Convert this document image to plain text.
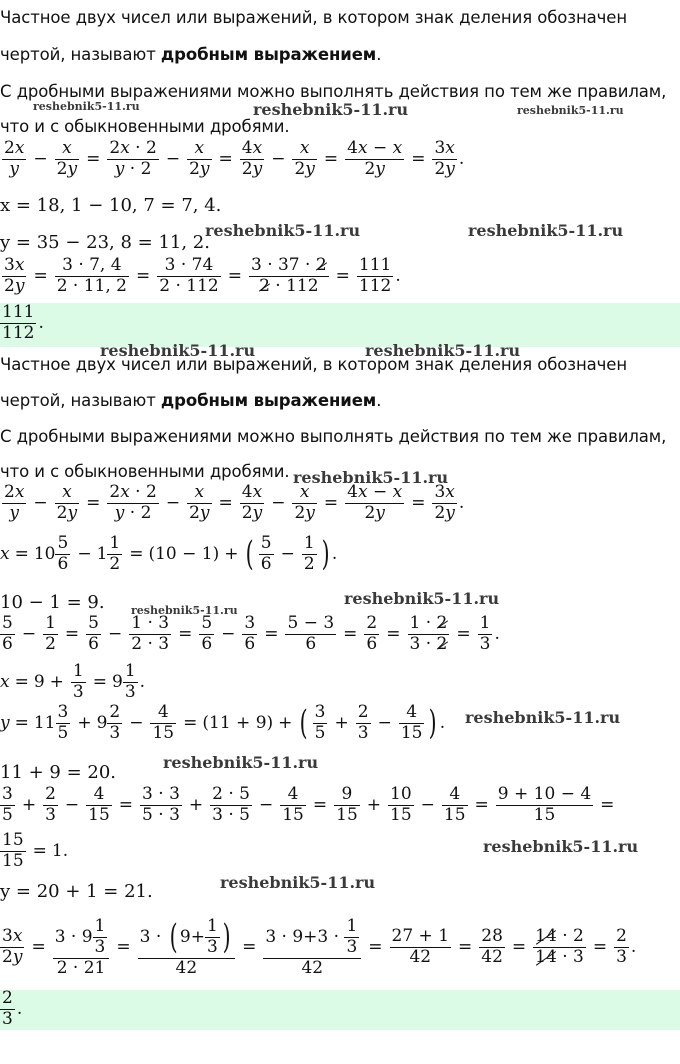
Частное двух чисел или выражений, в котором знак деления обозначен
чертой, называют дробным выражением.
С дробными выражениями можно выполнять действия по тем же правилам,
что и с обыкновенными дробями.
$\frac{2x}{y} - \frac{x}{2y} = \frac{2x \cdot 2}{y \cdot 2} - \frac{x}{2y} = \frac{4x}{2y} - \frac{x}{2y} = \frac{4x - x}{2y} = \frac{3x}{2y}$ .
x = 18, 1 − 10, 7 = 7, 4.
y = 35 − 23, 8 = 11, 2.
$\frac{3x}{2y} = \frac{3 \cdot 7, 4}{2 \cdot 11, 2} = \frac{3 \cdot 74}{2 \cdot 112} = \frac{3 \cdot 37 \cdot 2}{2 \cdot 112} = \frac{111}{112}$ .
$\frac{111}{112}$ .
Частное двух чисел или выражений, в котором знак деления обозначен
чертой, называют дробным выражением.
С дробными выражениями можно выполнять действия по тем же правилам,
что и с обыкновенными дробями.
$\frac{2x}{y} - \frac{x}{2y} = \frac{2x \cdot 2}{y \cdot 2} - \frac{x}{2y} = \frac{4x}{2y} - \frac{x}{2y} = \frac{4x - x}{2y} = \frac{3x}{2y}$ .
$x = 10 \frac{5}{6} - 1 \frac{1}{2} = (10 - 1)$ + ( $\frac{5}{6} - \frac{1}{2}$ ) .
10 − 1 = 9.
$\frac{5}{6} - \frac{1}{2} = \frac{5}{6} - \frac{1 \cdot 3}{2 \cdot 3} = \frac{5}{6} - \frac{3}{6} = \frac{5 - 3}{6} = \frac{2}{6} = \frac{1 \cdot 2}{3 \cdot 2} = \frac{1}{3}$ .
$x = 9 + \frac{1}{3} = 9 \frac{1}{3}$ .
$y = 11 \frac{3}{5} + 9 \frac{2}{3} - \frac{4}{15} = (11 + 9)$ + ( $\frac{3}{5} + \frac{2}{3} - \frac{4}{15}$ ) .
11 + 9 = 20.
$\frac{3}{5} + \frac{2}{3} - \frac{4}{15} = \frac{3 \cdot 3}{5 \cdot 3} + \frac{2 \cdot 5}{3 \cdot 5} - \frac{4}{15} = \frac{9}{15} + \frac{10}{15} - \frac{4}{15} = \frac{9 + 10 - 4}{15}$ =
$\frac{15}{15} = 1$.
y = 20 + 1 = 21.
$\frac{3x}{2y} = \frac{3 \cdot 9 \frac{1}{3}}{2 \cdot 21} = \frac{3 \cdot ( 9+ \frac{1}{3} )}{42} = \frac{3 \cdot 9+3 \cdot \frac{1}{3}}{42} = \frac{27 + 1}{42} = \frac{28}{42} = \frac{14 \cdot 2}{14 \cdot 3} = \frac{2}{3}$ .
$\frac{2}{3}$ .
reshebnik5-11.ru	reshebnik5-11.ru	reshebnik5-11.ru
reshebnik5-11.ru	reshebnik5-11.ru
reshebnik5-11.ru	reshebnik5-11.ru
reshebnik5-11.ru
reshebnik5-11.ru
reshebnik5-11.ru
reshebnik5-11.ru
reshebnik5-11.ru
reshebnik5-11.ru
reshebnik5-11.ru
